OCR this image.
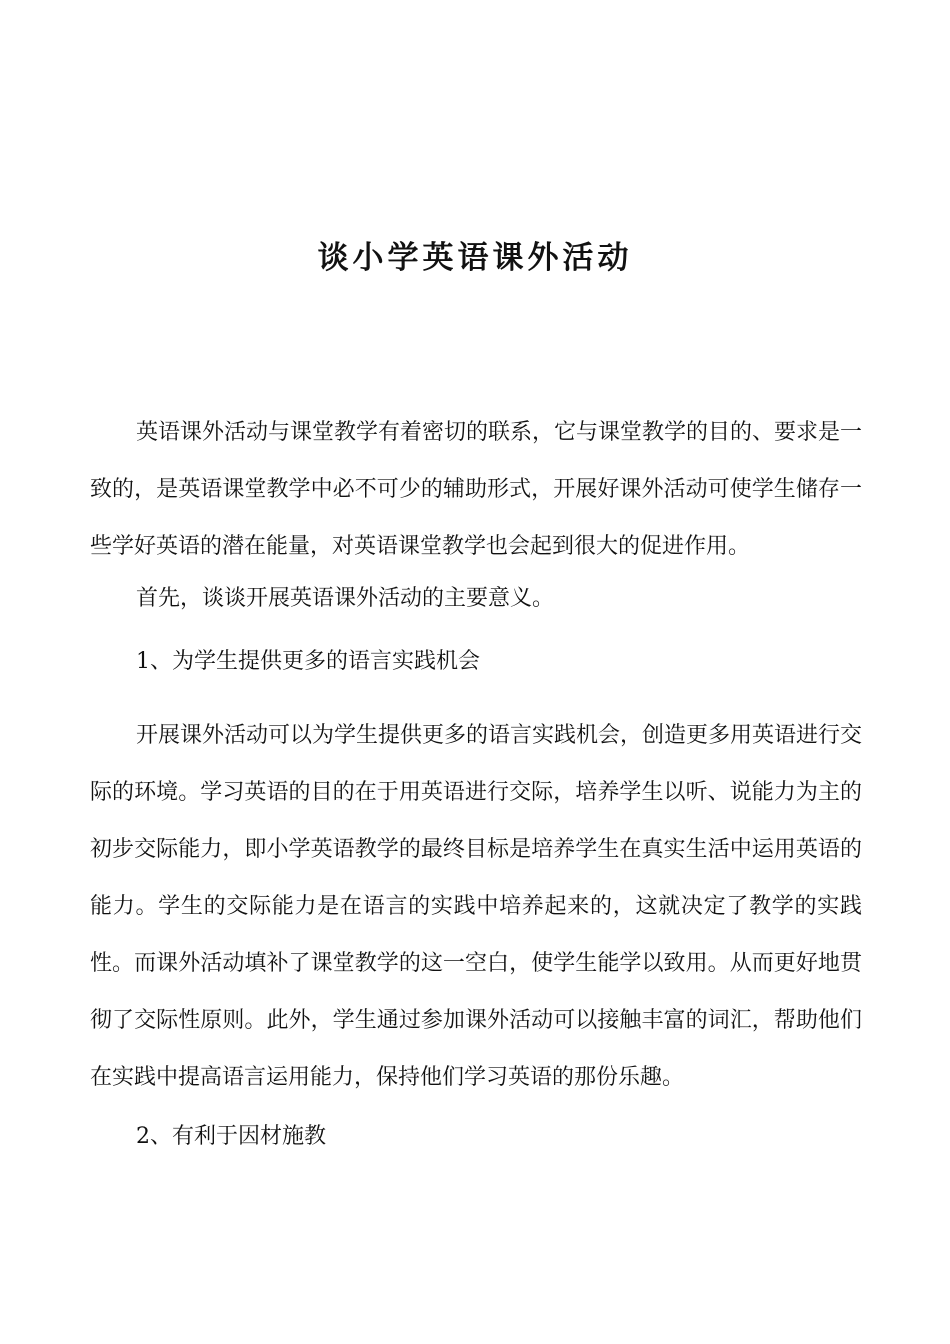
谈小学英语课外活动

英语课外活动与课堂教学有着密切的联系，它与课堂教学的目的、要求是一致的，是英语课堂教学中必不可少的辅助形式，开展好课外活动可使学生储存一些学好英语的潜在能量，对英语课堂教学也会起到很大的促进作用。

首先，谈谈开展英语课外活动的主要意义。

1、为学生提供更多的语言实践机会

开展课外活动可以为学生提供更多的语言实践机会，创造更多用英语进行交际的环境。学习英语的目的在于用英语进行交际，培养学生以听、说能力为主的初步交际能力，即小学英语教学的最终目标是培养学生在真实生活中运用英语的能力。学生的交际能力是在语言的实践中培养起来的，这就决定了教学的实践性。而课外活动填补了课堂教学的这一空白，使学生能学以致用。从而更好地贯彻了交际性原则。此外，学生通过参加课外活动可以接触丰富的词汇，帮助他们在实践中提高语言运用能力，保持他们学习英语的那份乐趣。

2、有利于因材施教
